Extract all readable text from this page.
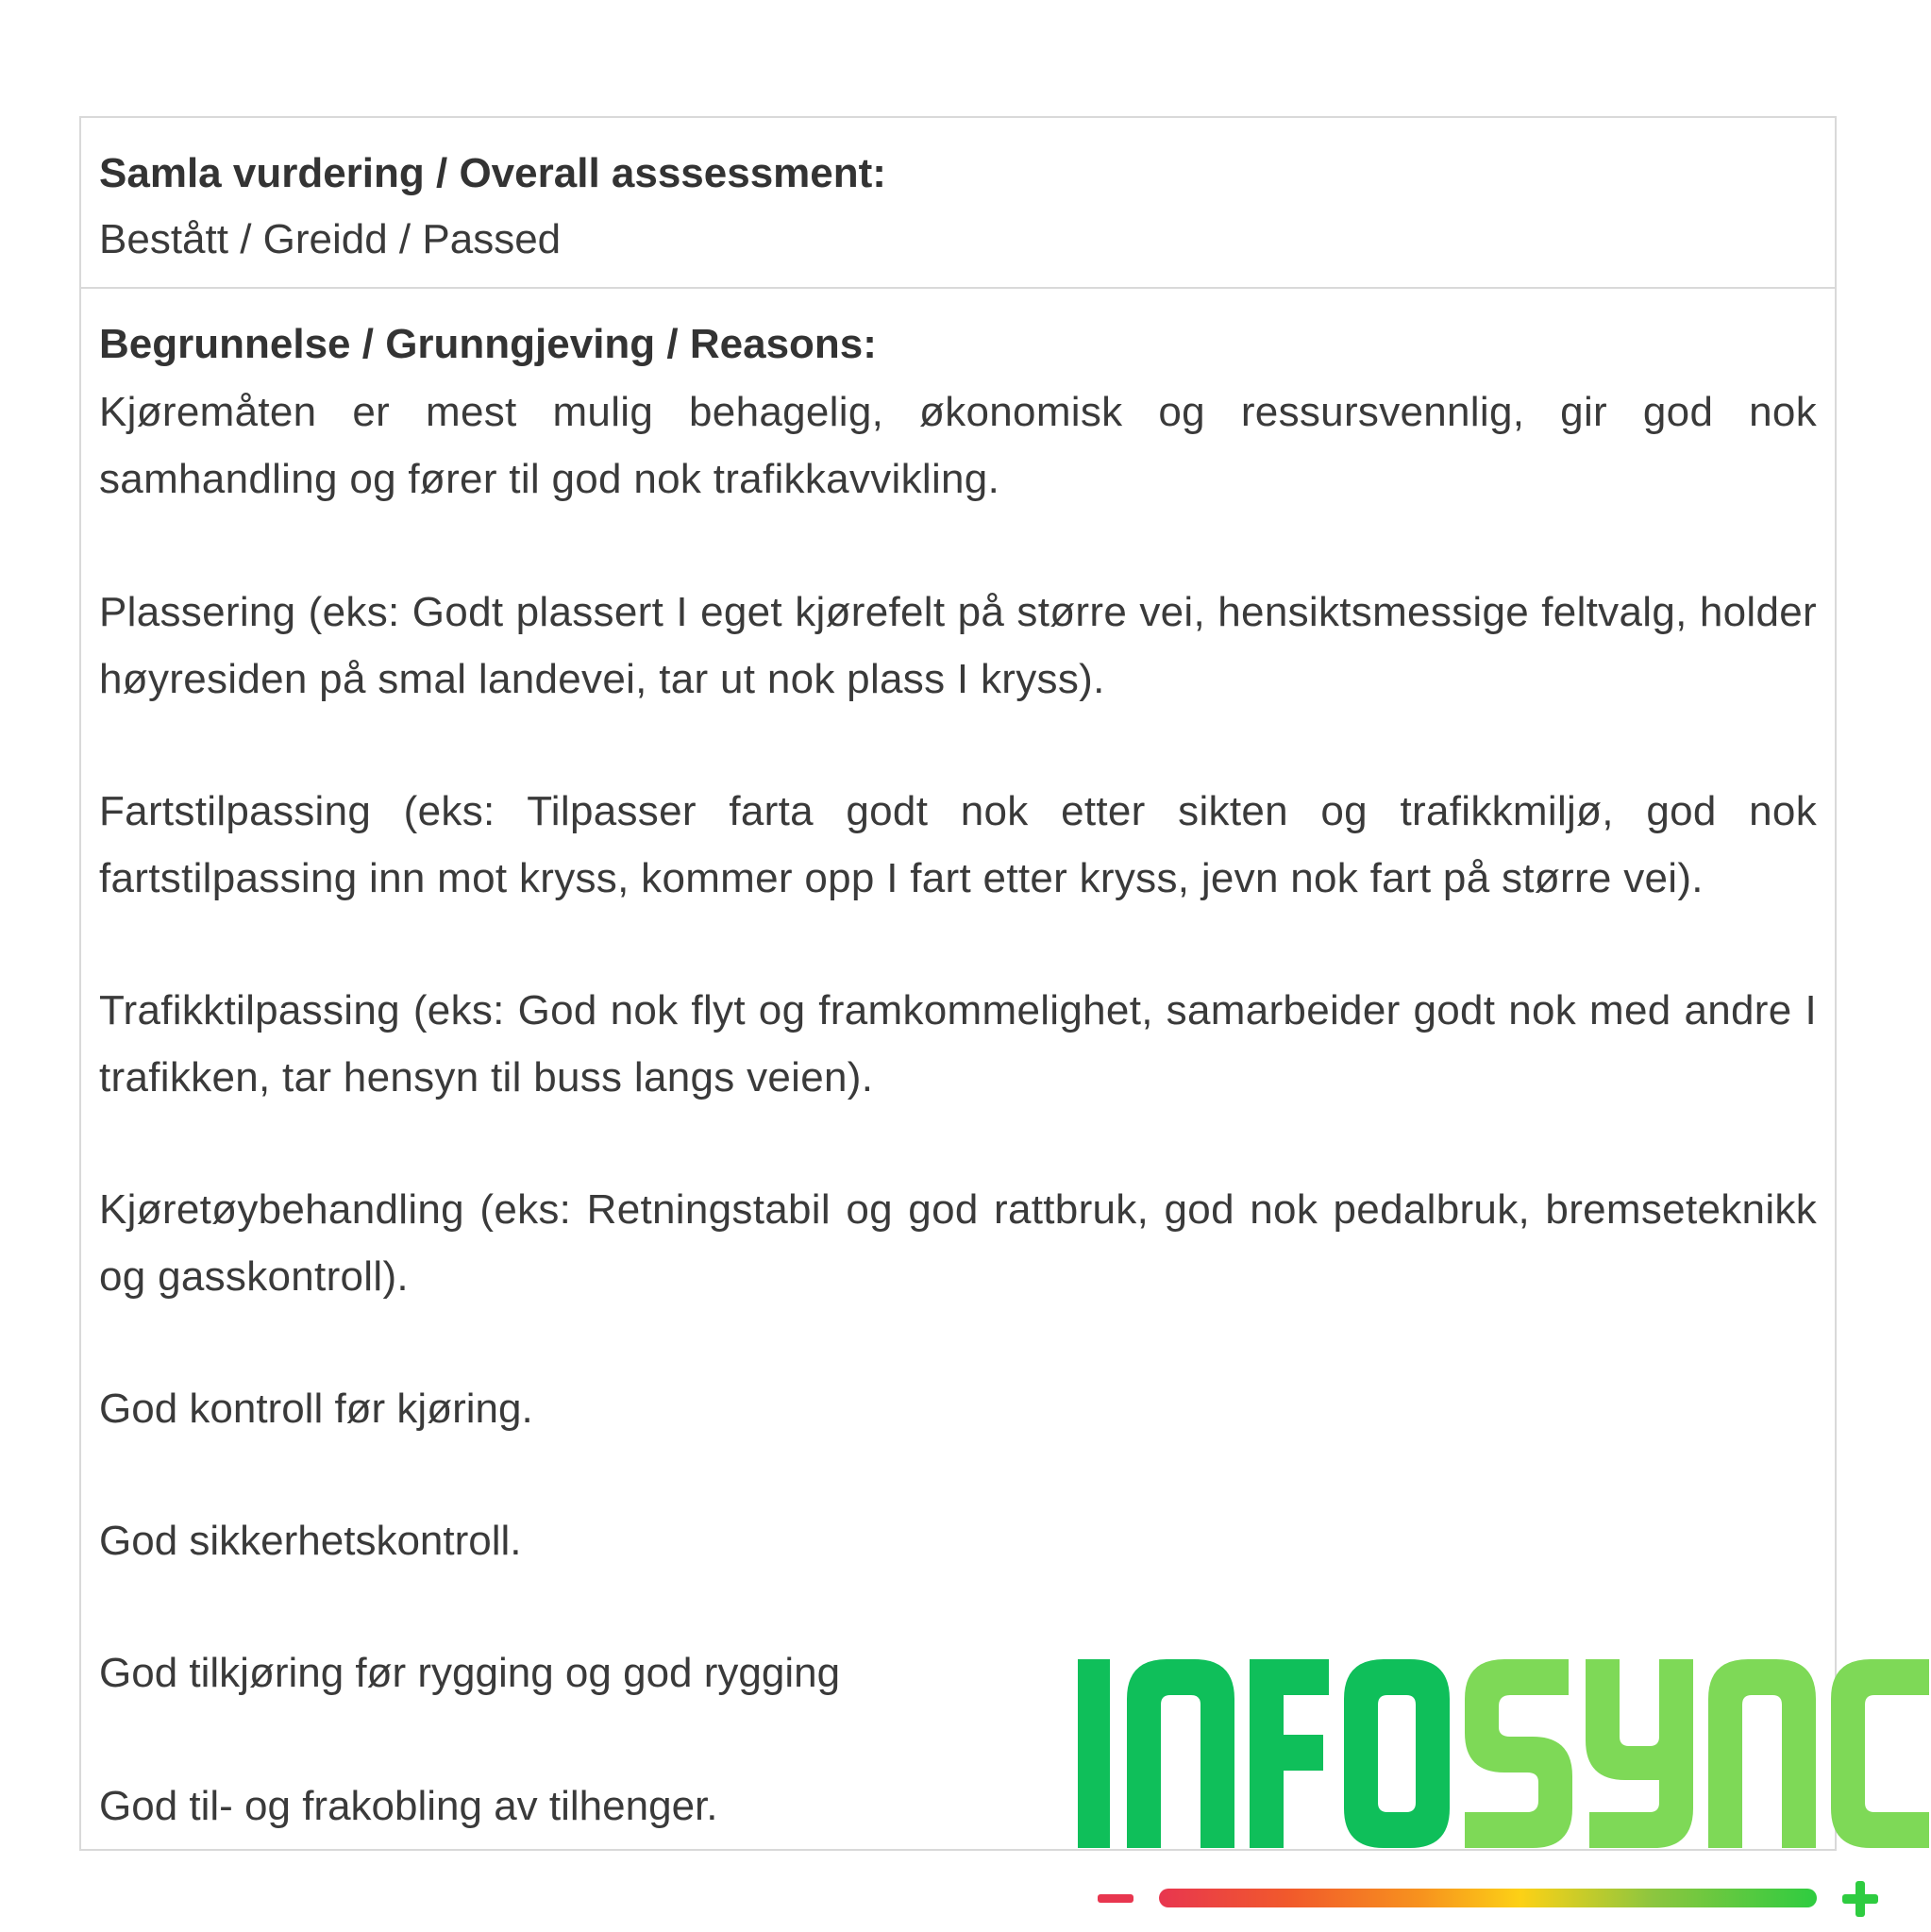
Samla vurdering / Overall asssessment:
Bestått / Greidd / Passed
Begrunnelse / Grunngjeving / Reasons:
Kjøremåten er mest mulig behagelig, økonomisk og ressursvennlig, gir god nok samhandling og fører til god nok trafikkavvikling.
Plassering (eks: Godt plassert I eget kjørefelt på større vei, hensiktsmessige feltvalg, holder høyresiden på smal landevei, tar ut nok plass I kryss).
Fartstilpassing (eks: Tilpasser farta godt nok etter sikten og trafikkmiljø, god nok fartstilpassing inn mot kryss, kommer opp I fart etter kryss, jevn nok fart på større vei).
Trafikktilpassing (eks: God nok flyt og framkommelighet, samarbeider godt nok med andre I trafikken, tar hensyn til buss langs veien).
Kjøretøybehandling (eks: Retningstabil og god rattbruk, god nok pedalbruk, bremseteknikk og gasskontroll).
God kontroll før kjøring.
God sikkerhetskontroll.
God tilkjøring før rygging og god rygging
God til- og frakobling av tilhenger.
